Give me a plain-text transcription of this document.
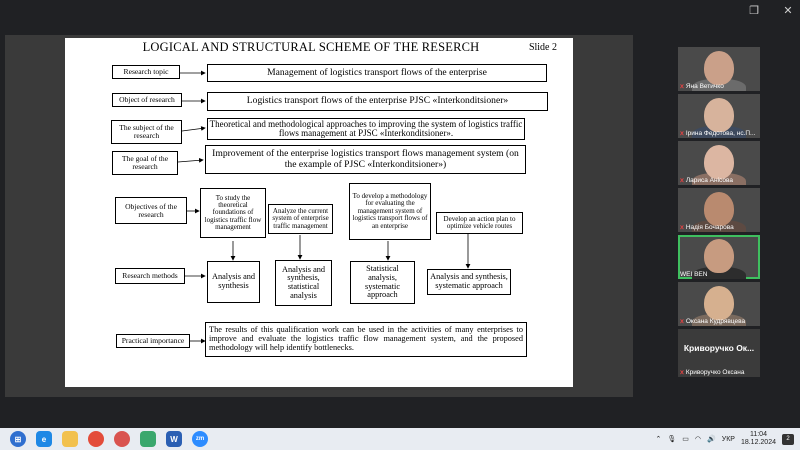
❐ ✕
LOGICAL AND STRUCTURAL SCHEME OF THE RESERCH	Slide 2
Research topic
Object of research
The subject of the research
The goal of the research
Objectives of the research
Research methods
Practical importance
Management of logistics transport flows of the enterprise
Logistics transport flows of the enterprise PJSC «Interkonditsioner»
Theoretical and methodological approaches to improving the system of logistics traffic flows management at PJSC «Interkonditsioner».
Improvement of the enterprise logistics transport flows management system (on the example of PJSC «Interkonditsioner»)
To study the theoretical foundations of logistics traffic flow management
Analyze the current system of enterprise traffic management
To develop a methodology for evaluating the management system of logistics transport flows of an enterprise
Develop an action plan to optimize vehicle routes
Analysis and synthesis
Analysis and synthesis, statistical analysis
Statistical analysis, systematic approach
Analysis and synthesis, systematic approach
The results of this qualification work can be used in the activities of many enterprises to improve and evaluate the logistics traffic flow management system, and the proposed methodology will help identify bottlenecks.
ⅹ Яна Ветичко
ⅹ Ірина Федотова, нс.П...
ⅹ Лариса Анісова
ⅹ Надія Бочарова
WEI BEN
ⅹ Оксана Кудрявцева
Криворучко Ок...
ⅹ Криворучко Оксана
⊞	e	W	zm	⌃ 🎙 ▭ ◠ 🔊 УКР
11:04
18.12.2024	2
